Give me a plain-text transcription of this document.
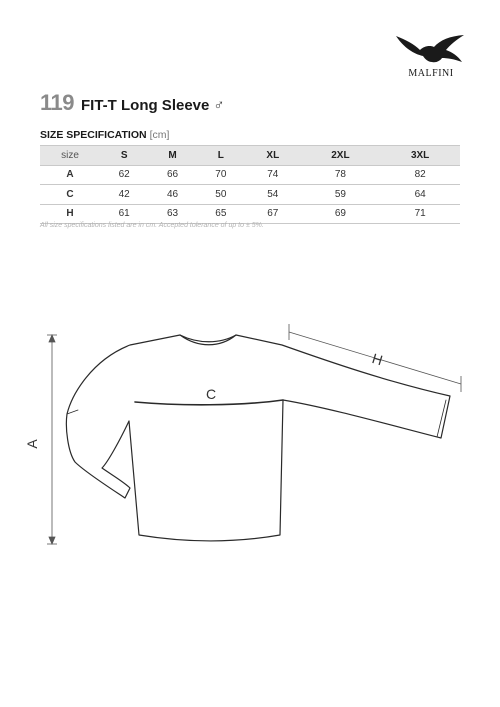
MALFINI
119 FIT-T Long Sleeve ♂
SIZE SPECIFICATION [cm]
size	S	M	L	XL	2XL	3XL
A	62	66	70	74	78	82
C	42	46	50	54	59	64
H	61	63	65	67	69	71
All size specifications listed are in cm. Accepted tolerance of up to ± 5%.
A
C
H
